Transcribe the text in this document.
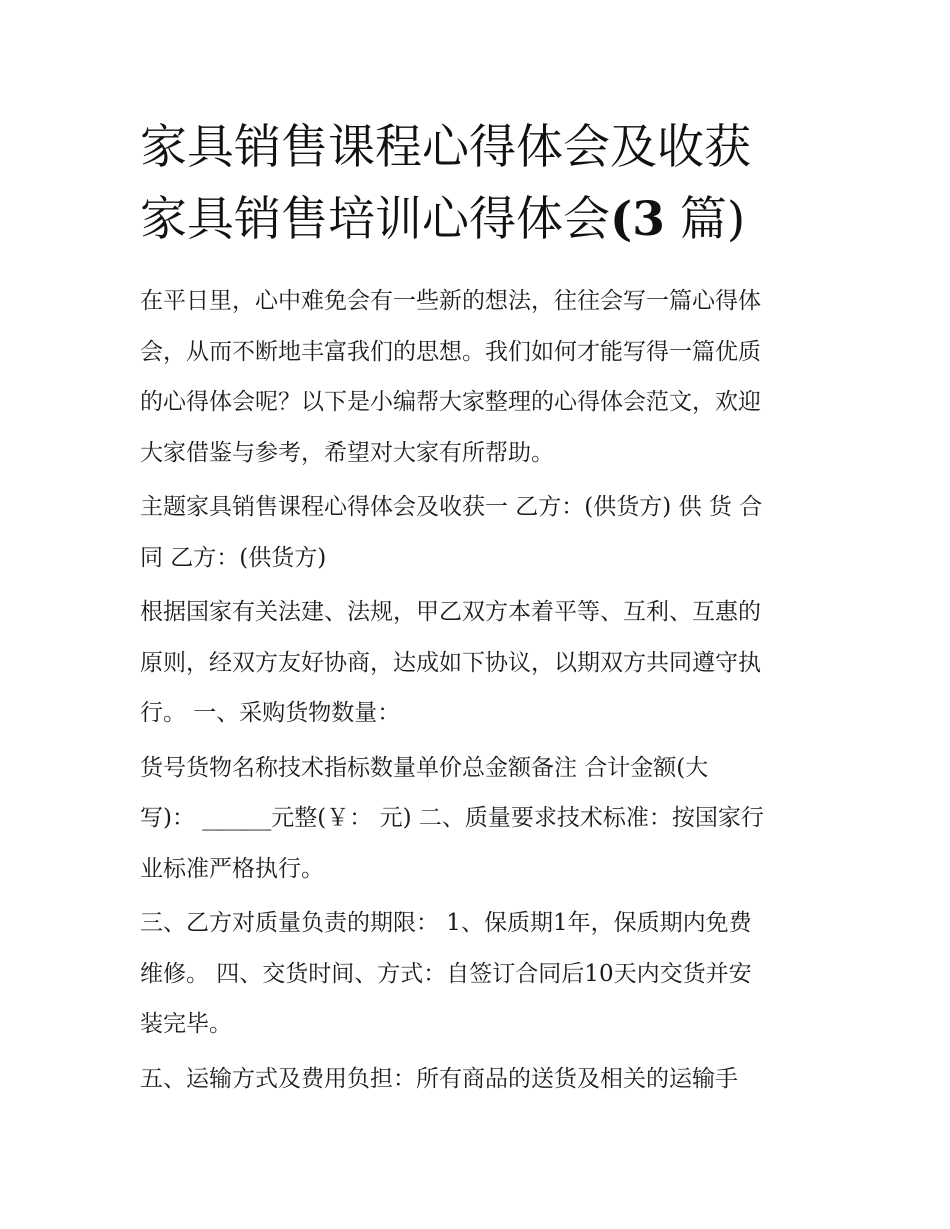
家具销售课程心得体会及收获
家具销售培训心得体会(3 篇)

在平日里，心中难免会有一些新的想法，往往会写一篇心得体
会，从而不断地丰富我们的思想。我们如何才能写得一篇优质
的心得体会呢？以下是小编帮大家整理的心得体会范文，欢迎
大家借鉴与参考，希望对大家有所帮助。

主题家具销售课程心得体会及收获一 乙方：(供货方) 供 货 合
同 乙方：(供货方)

根据国家有关法建、法规，甲乙双方本着平等、互利、互惠的
原则，经双方友好协商，达成如下协议，以期双方共同遵守执
行。 一、采购货物数量：

货号货物名称技术指标数量单价总金额备注 合计金额(大
写)： ______元整(￥： 元) 二、质量要求技术标准：按国家行
业标准严格执行。

三、乙方对质量负责的期限： 1、保质期1年，保质期内免费
维修。 四、交货时间、方式：自签订合同后10天内交货并安
装完毕。

五、运输方式及费用负担：所有商品的送货及相关的运输手
